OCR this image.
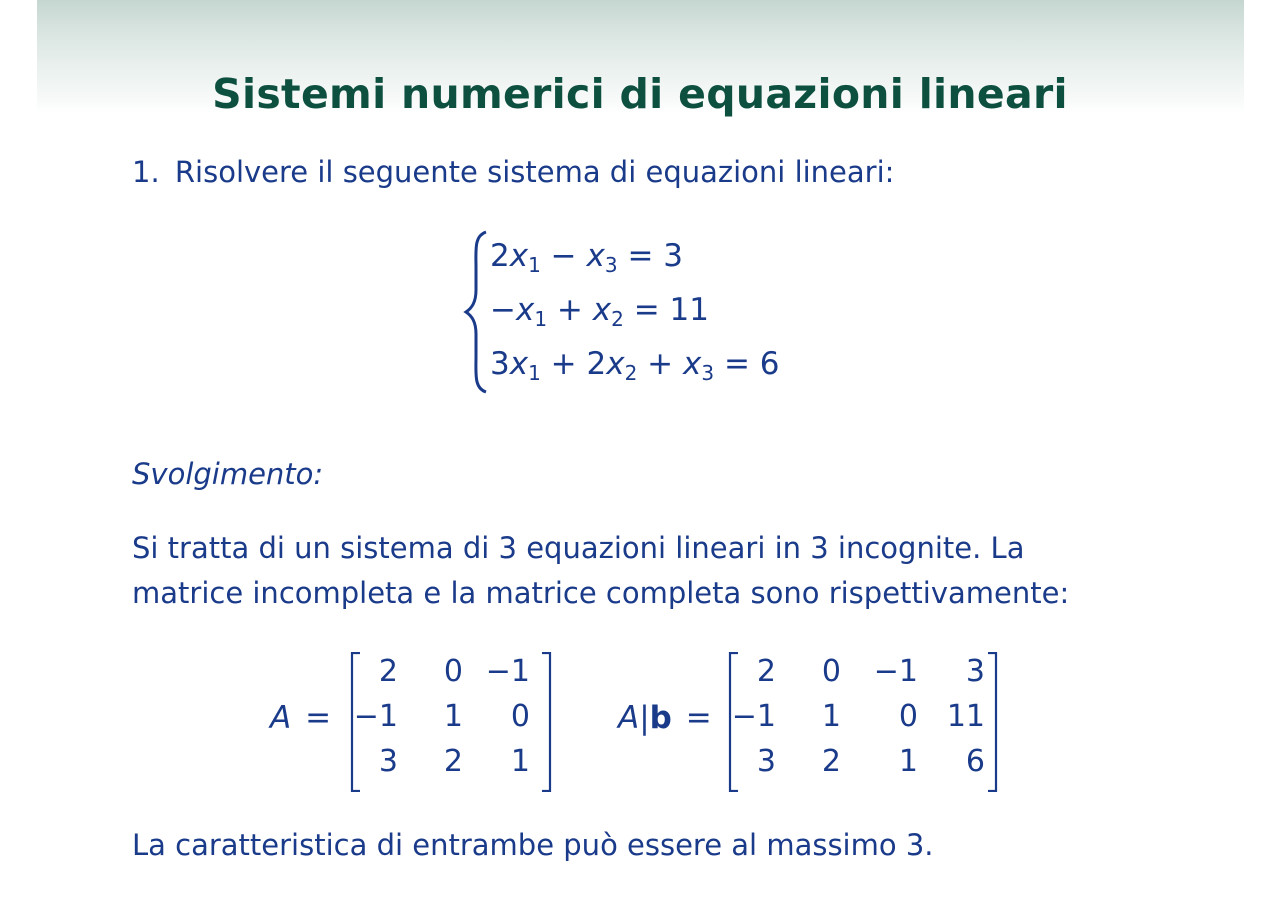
Sistemi numerici di equazioni lineari
1. Risolvere il seguente sistema di equazioni lineari:
$2x_1 - x_3 = 3$
$-x_1 + x_2 = 11$
$3x_1 + 2x_2 + x_3 = 6$
Svolgimento:
Si tratta di un sistema di 3 equazioni lineari in 3 incognite. La
matrice incompleta e la matrice completa sono rispettivamente:
A =
2	0 −1
−1	1	0
3	2	1
A|b =
2	0	−1	3
−1	1	0 11
3	2	1	6
La caratteristica di entrambe può essere al massimo 3.
